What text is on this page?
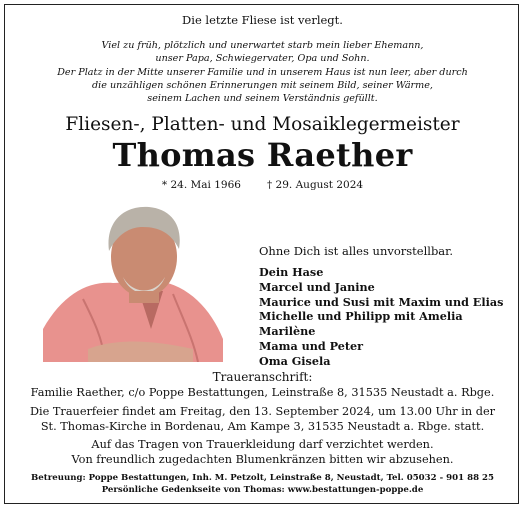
Die letzte Fliese ist verlegt.
Viel zu früh, plötzlich und unerwartet starb mein lieber Ehemann,
unser Papa, Schwiegervater, Opa und Sohn.
Der Platz in der Mitte unserer Familie und in unserem Haus ist nun leer, aber durch
die unzähligen schönen Erinnerungen mit seinem Bild, seiner Wärme,
seinem Lachen und seinem Verständnis gefüllt.
Fliesen-, Platten- und Mosaiklegermeister
Thomas Raether
* 24. Mai 1966 † 29. August 2024
Ohne Dich ist alles unvorstellbar.
Dein Hase
Marcel und Janine
Maurice und Susi mit Maxim und Elias
Michelle und Philipp mit Amelia
Marilène
Mama und Peter
Oma Gisela
Traueranschrift:
Familie Raether, c/o Poppe Bestattungen, Leinstraße 8, 31535 Neustadt a. Rbge.
Die Trauerfeier findet am Freitag, den 13. September 2024, um 13.00 Uhr in der
St. Thomas-Kirche in Bordenau, Am Kampe 3, 31535 Neustadt a. Rbge. statt.
Auf das Tragen von Trauerkleidung darf verzichtet werden.
Von freundlich zugedachten Blumenkränzen bitten wir abzusehen.
Betreuung: Poppe Bestattungen, Inh. M. Petzolt, Leinstraße 8, Neustadt, Tel. 05032 - 901 88 25
Persönliche Gedenkseite von Thomas: www.bestattungen-poppe.de
